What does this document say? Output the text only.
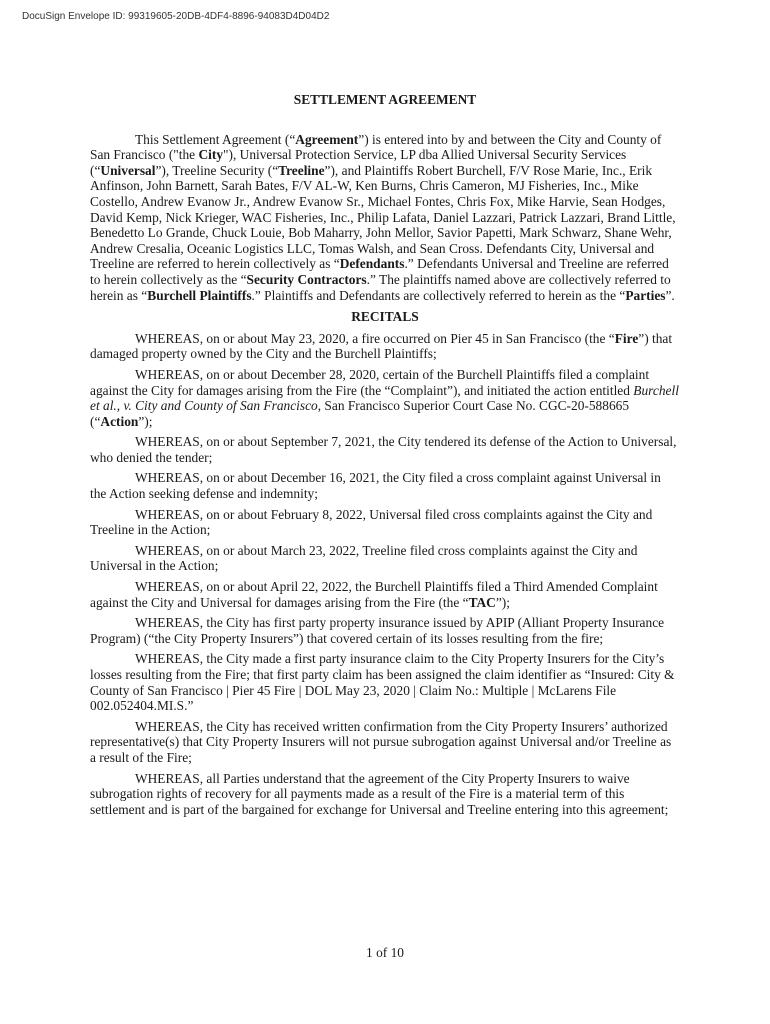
DocuSign Envelope ID: 99319605-20DB-4DF4-8896-94083D4D04D2
SETTLEMENT AGREEMENT

This Settlement Agreement (“Agreement”) is entered into by and between the City and County of San Francisco ("the City"), Universal Protection Service, LP dba Allied Universal Security Services (“Universal”), Treeline Security (“Treeline”), and Plaintiffs Robert Burchell, F/V Rose Marie, Inc., Erik Anfinson, John Barnett, Sarah Bates, F/V AL-W, Ken Burns, Chris Cameron, MJ Fisheries, Inc., Mike Costello, Andrew Evanow Jr., Andrew Evanow Sr., Michael Fontes, Chris Fox, Mike Harvie, Sean Hodges, David Kemp, Nick Krieger, WAC Fisheries, Inc., Philip Lafata, Daniel Lazzari, Patrick Lazzari, Brand Little, Benedetto Lo Grande, Chuck Louie, Bob Maharry, John Mellor, Savior Papetti, Mark Schwarz, Shane Wehr, Andrew Cresalia, Oceanic Logistics LLC, Tomas Walsh, and Sean Cross. Defendants City, Universal and Treeline are referred to herein collectively as “Defendants.” Defendants Universal and Treeline are referred to herein collectively as the “Security Contractors.” The plaintiffs named above are collectively referred to herein as “Burchell Plaintiffs.” Plaintiffs and Defendants are collectively referred to herein as the “Parties”.

RECITALS

WHEREAS, on or about May 23, 2020, a fire occurred on Pier 45 in San Francisco (the “Fire”) that damaged property owned by the City and the Burchell Plaintiffs;

WHEREAS, on or about December 28, 2020, certain of the Burchell Plaintiffs filed a complaint against the City for damages arising from the Fire (the “Complaint”), and initiated the action entitled Burchell et al., v. City and County of San Francisco, San Francisco Superior Court Case No. CGC-20-588665 (“Action”);

WHEREAS, on or about September 7, 2021, the City tendered its defense of the Action to Universal, who denied the tender;

WHEREAS, on or about December 16, 2021, the City filed a cross complaint against Universal in the Action seeking defense and indemnity;

WHEREAS, on or about February 8, 2022, Universal filed cross complaints against the City and Treeline in the Action;

WHEREAS, on or about March 23, 2022, Treeline filed cross complaints against the City and Universal in the Action;

WHEREAS, on or about April 22, 2022, the Burchell Plaintiffs filed a Third Amended Complaint against the City and Universal for damages arising from the Fire (the “TAC”);

WHEREAS, the City has first party property insurance issued by APIP (Alliant Property Insurance Program) (“the City Property Insurers”) that covered certain of its losses resulting from the fire;

WHEREAS, the City made a first party insurance claim to the City Property Insurers for the City’s losses resulting from the Fire; that first party claim has been assigned the claim identifier as “Insured: City & County of San Francisco | Pier 45 Fire | DOL May 23, 2020 | Claim No.: Multiple | McLarens File 002.052404.MI.S.”

WHEREAS, the City has received written confirmation from the City Property Insurers’ authorized representative(s) that City Property Insurers will not pursue subrogation against Universal and/or Treeline as a result of the Fire;

WHEREAS, all Parties understand that the agreement of the City Property Insurers to waive subrogation rights of recovery for all payments made as a result of the Fire is a material term of this settlement and is part of the bargained for exchange for Universal and Treeline entering into this agreement;

1 of 10
